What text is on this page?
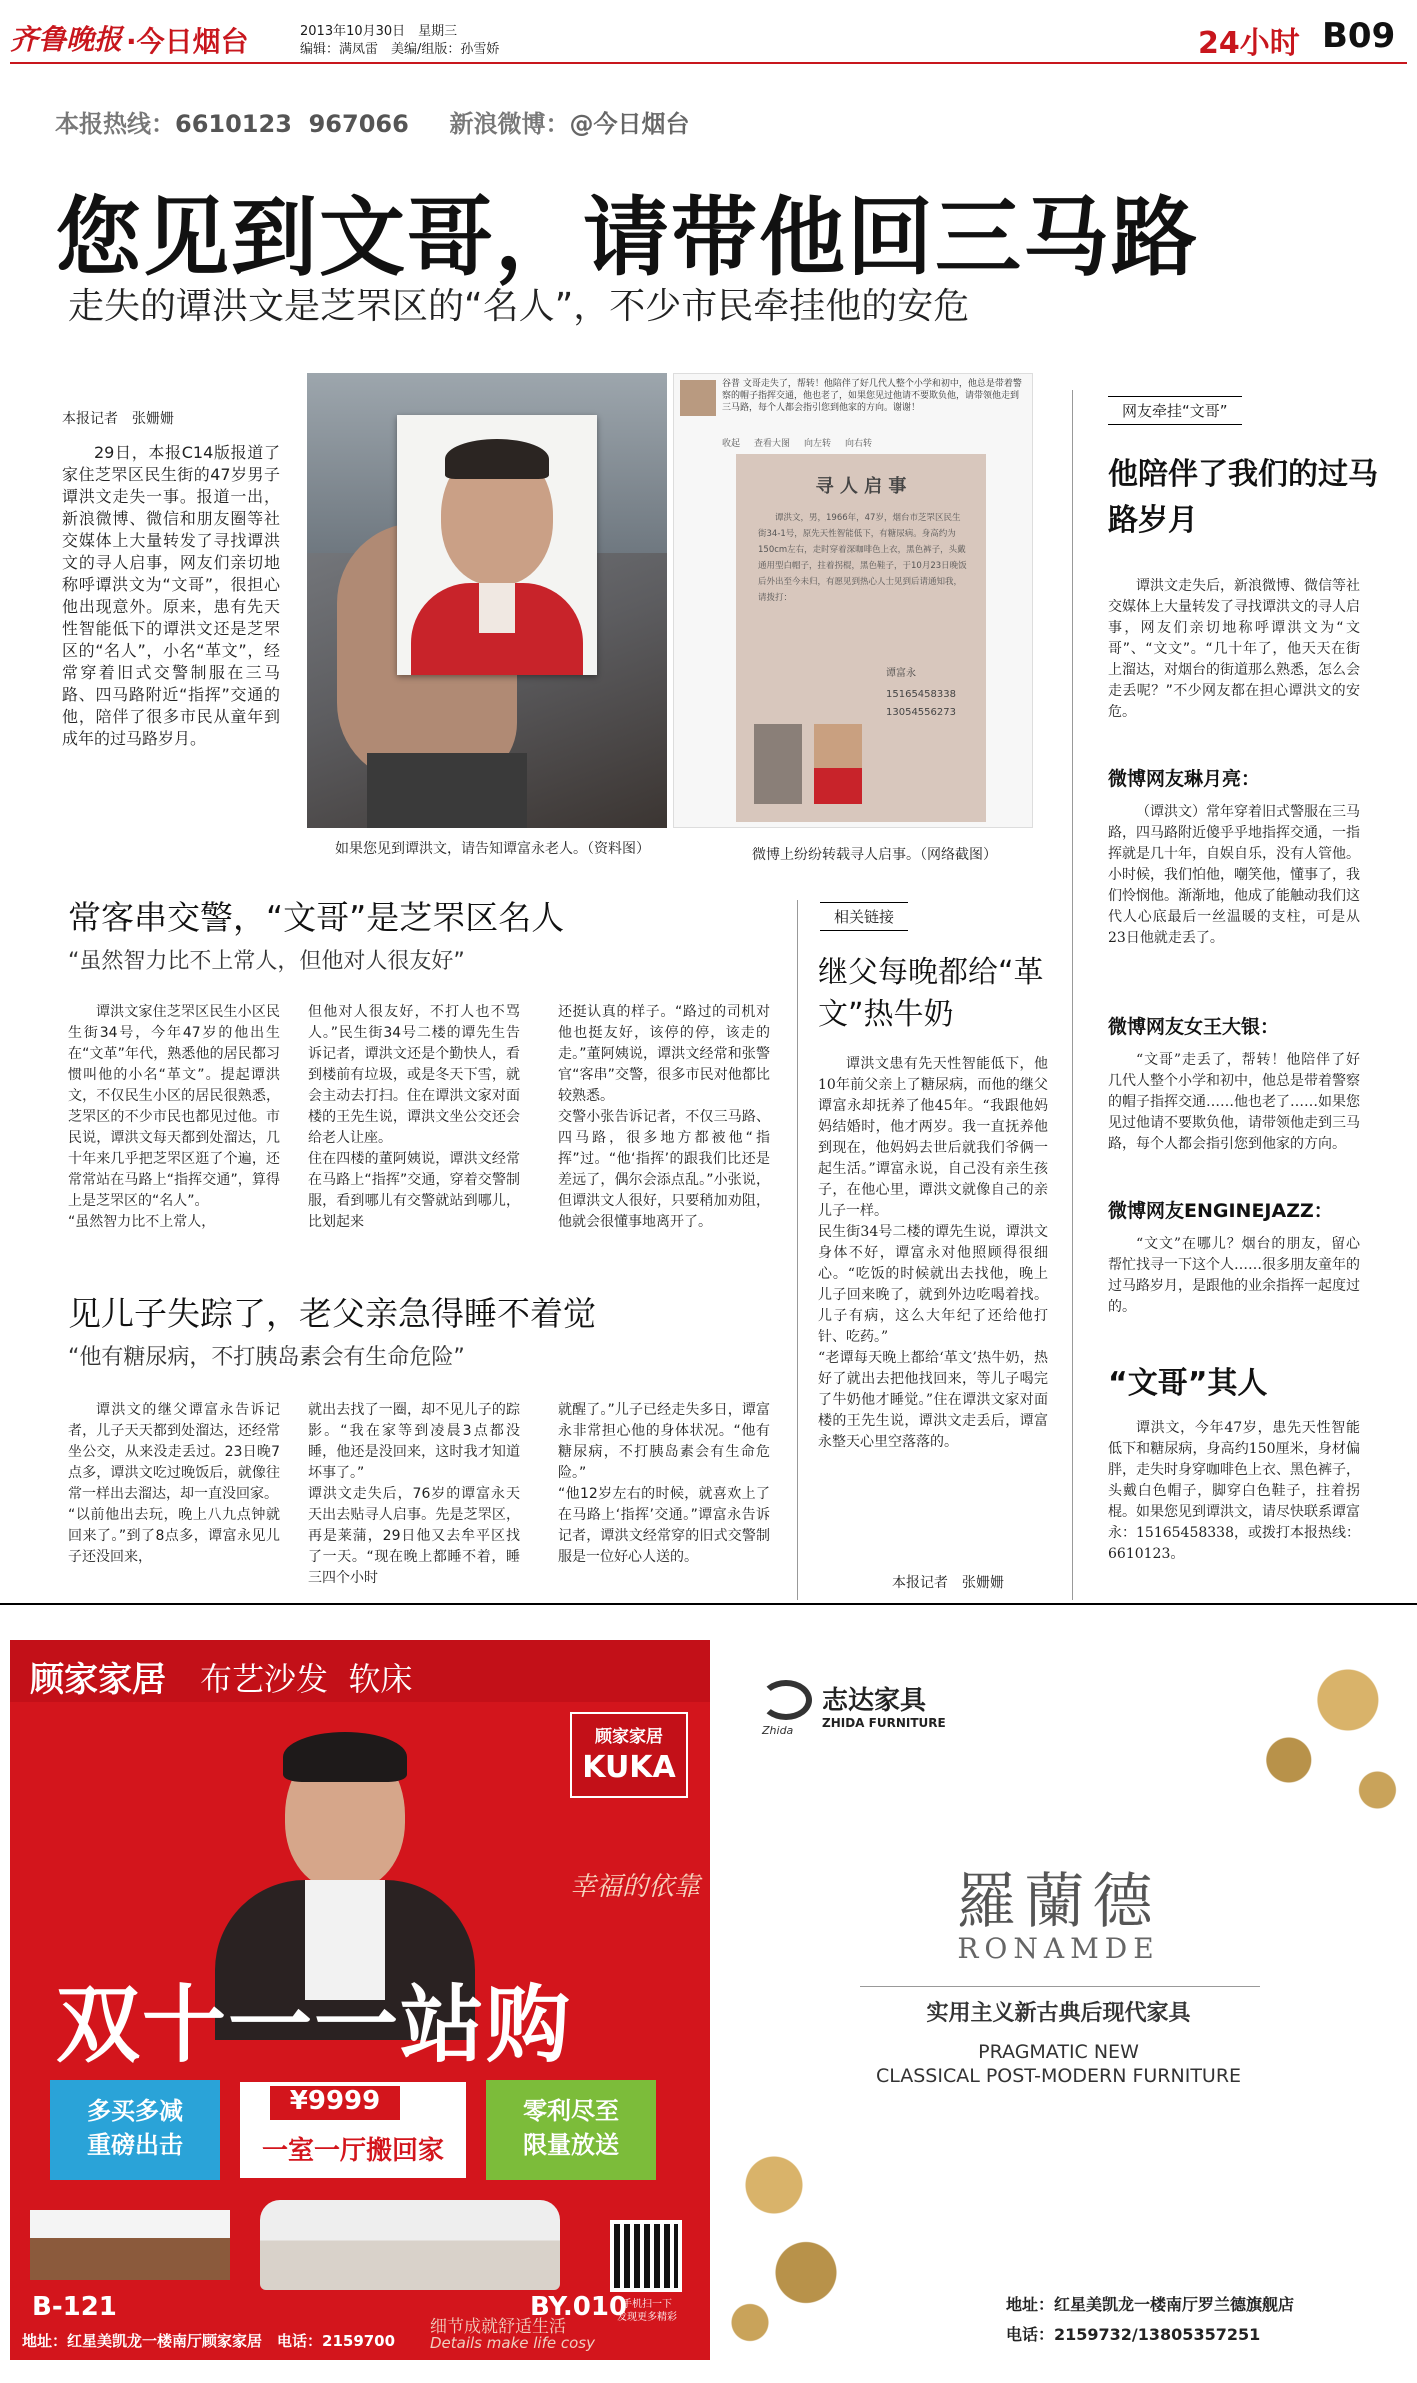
齐鲁晚报 ·今日烟台	2013年10月30日　星期三
编辑：满凤雷　美编/组版：孙雪娇	24小时 B09
本报热线：6610123  967066 新浪微博：@今日烟台
您见到文哥，请带他回三马路
走失的谭洪文是芝罘区的“名人”，不少市民牵挂他的安危
本报记者　张姗姗
29日，本报C14版报道了家住芝罘区民生街的47岁男子谭洪文走失一事。报道一出，新浪微博、微信和朋友圈等社交媒体上大量转发了寻找谭洪文的寻人启事，网友们亲切地称呼谭洪文为“文哥”，很担心他出现意外。原来，患有先天性智能低下的谭洪文还是芝罘区的“名人”，小名“革文”，经常穿着旧式交警制服在三马路、四马路附近“指挥”交通的他，陪伴了很多市民从童年到成年的过马路岁月。
谷普 文哥走失了，帮转！他陪伴了好几代人整个小学和初中，他总是带着警察的帽子指挥交通，他也老了，如果您见过他请不要欺负他，请带领他走到三马路，每个人都会指引您到他家的方向。谢谢！
收起 查看大图 向左转 向右转
寻 人 启 事
谭洪文，男，1966年，47岁，烟台市芝罘区民生街34-1号，原先天性智能低下，有糖尿病。身高约为150cm左右，走时穿着深咖啡色上衣，黑色裤子，头戴通用型白帽子，拄着拐棍，黑色鞋子，于10月23日晚饭后外出至今未归，有愿见到热心人士见到后请通知我，请拨打：
谭富永
15165458338
13054556273
如果您见到谭洪文，请告知谭富永老人。（资料图）	微博上纷纷转载寻人启事。（网络截图）
网友牵挂“文哥”
他陪伴了我们的过马路岁月
谭洪文走失后，新浪微博、微信等社交媒体上大量转发了寻找谭洪文的寻人启事，网友们亲切地称呼谭洪文为“文哥”、“文文”。“几十年了，他天天在街上溜达，对烟台的街道那么熟悉，怎么会走丢呢？”不少网友都在担心谭洪文的安危。
微博网友琳月亮：
（谭洪文）常年穿着旧式警服在三马路，四马路附近傻乎乎地指挥交通，一指挥就是几十年，自娱自乐，没有人管他。小时候，我们怕他，嘲笑他，懂事了，我们怜悯他。渐渐地，他成了能触动我们这代人心底最后一丝温暖的支柱，可是从23日他就走丢了。
微博网友女王大银：
“文哥”走丢了，帮转！他陪伴了好几代人整个小学和初中，他总是带着警察的帽子指挥交通……他也老了……如果您见过他请不要欺负他，请带领他走到三马路，每个人都会指引您到他家的方向。
微博网友ENGINEJAZZ：
“文文”在哪儿？烟台的朋友，留心帮忙找寻一下这个人……很多朋友童年的过马路岁月，是跟他的业余指挥一起度过的。
“文哥”其人
谭洪文，今年47岁，患先天性智能低下和糖尿病，身高约150厘米，身材偏胖，走失时身穿咖啡色上衣、黑色裤子，头戴白色帽子，脚穿白色鞋子，拄着拐棍。如果您见到谭洪文，请尽快联系谭富永：15165458338，或拨打本报热线：6610123。
常客串交警，“文哥”是芝罘区名人
“虽然智力比不上常人，但他对人很友好”
谭洪文家住芝罘区民生小区民生街34号，今年47岁的他出生在“文革”年代，熟悉他的居民都习惯叫他的小名“革文”。提起谭洪文，不仅民生小区的居民很熟悉，芝罘区的不少市民也都见过他。市民说，谭洪文每天都到处溜达，几十年来几乎把芝罘区逛了个遍，还常常站在马路上“指挥交通”，算得上是芝罘区的“名人”。
“虽然智力比不上常人，
但他对人很友好，不打人也不骂人。”民生街34号二楼的谭先生告诉记者，谭洪文还是个勤快人，看到楼前有垃圾，或是冬天下雪，就会主动去打扫。住在谭洪文家对面楼的王先生说，谭洪文坐公交还会给老人让座。
住在四楼的董阿姨说，谭洪文经常在马路上“指挥”交通，穿着交警制服，看到哪儿有交警就站到哪儿，比划起来
还挺认真的样子。“路过的司机对他也挺友好，该停的停，该走的走。”董阿姨说，谭洪文经常和张警官“客串”交警，很多市民对他都比较熟悉。
交警小张告诉记者，不仅三马路、四马路，很多地方都被他“指挥”过。“他‘指挥’的跟我们比还是差远了，偶尔会添点乱。”小张说，但谭洪文人很好，只要稍加劝阻，他就会很懂事地离开了。
相关链接
继父每晚都给“革文”热牛奶
谭洪文患有先天性智能低下，他10年前父亲上了糖尿病，而他的继父谭富永却抚养了他45年。“我跟他妈妈结婚时，他才两岁。我一直抚养他到现在，他妈妈去世后就我们爷俩一起生活。”谭富永说，自己没有亲生孩子，在他心里，谭洪文就像自己的亲儿子一样。
民生街34号二楼的谭先生说，谭洪文身体不好，谭富永对他照顾得很细心。“吃饭的时候就出去找他，晚上儿子回来晚了，就到外边吃喝着找。儿子有病，这么大年纪了还给他打针、吃药。”
“老谭每天晚上都给‘革文’热牛奶，热好了就出去把他找回来，等儿子喝完了牛奶他才睡觉。”住在谭洪文家对面楼的王先生说，谭洪文走丢后，谭富永整天心里空落落的。
本报记者　张姗姗
见儿子失踪了，老父亲急得睡不着觉
“他有糖尿病，不打胰岛素会有生命危险”
谭洪文的继父谭富永告诉记者，儿子天天都到处溜达，还经常坐公交，从来没走丢过。23日晚7点多，谭洪文吃过晚饭后，就像往常一样出去溜达，却一直没回家。
“以前他出去玩，晚上八九点钟就回来了。”到了8点多，谭富永见儿子还没回来，
就出去找了一圈，却不见儿子的踪影。“我在家等到凌晨3点都没睡，他还是没回来，这时我才知道坏事了。”
谭洪文走失后，76岁的谭富永天天出去贴寻人启事。先是芝罘区，再是莱蒲，29日他又去牟平区找了一天。“现在晚上都睡不着，睡三四个小时
就醒了。”儿子已经走失多日，谭富永非常担心他的身体状况。“他有糖尿病，不打胰岛素会有生命危险。”
“他12岁左右的时候，就喜欢上了在马路上‘指挥’交通。”谭富永告诉记者，谭洪文经常穿的旧式交警制服是一位好心人送的。
顾家家居 布艺沙发  软床
顾家家居
KUKA
幸福的依靠
双十一一站购
多买多减
重磅出击
¥9999
一室一厅搬回家
零利尽至
限量放送
B-121	BY.010
手机扫一下
发现更多精彩
细节成就舒适生活
Details make life cosy
地址：红星美凯龙一楼南厅顾家家居　电话：2159700
Zhida
志达家具
ZHIDA FURNITURE
羅蘭德
RONAMDE
实用主义新古典后现代家具
PRAGMATIC NEW
CLASSICAL POST-MODERN FURNITURE
地址：红星美凯龙一楼南厅罗兰德旗舰店
电话：2159732/13805357251
